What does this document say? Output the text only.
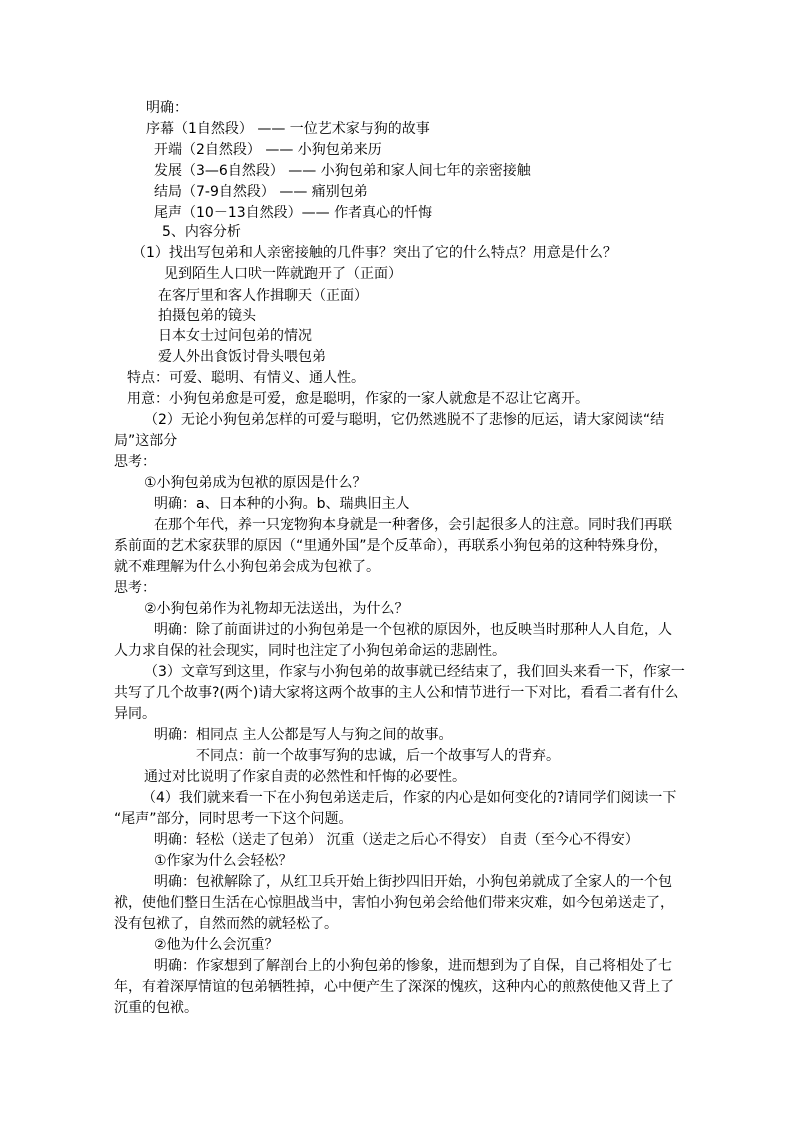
明确：
序幕（1自然段） —— 一位艺术家与狗的故事
开端（2自然段） —— 小狗包弟来历
发展（3—6自然段） —— 小狗包弟和家人间七年的亲密接触
结局（7-9自然段） —— 痛别包弟
尾声（10－13自然段）—— 作者真心的忏悔
5、内容分析
（1）找出写包弟和人亲密接触的几件事？突出了它的什么特点？用意是什么？
见到陌生人口吠一阵就跑开了（正面）
在客厅里和客人作揖聊天（正面）
拍摄包弟的镜头
日本女士过问包弟的情况
爱人外出食饭讨骨头喂包弟
特点：可爱、聪明、有情义、通人性。
用意：小狗包弟愈是可爱，愈是聪明，作家的一家人就愈是不忍让它离开。
（2）无论小狗包弟怎样的可爱与聪明，它仍然逃脱不了悲惨的厄运，请大家阅读“结
局”这部分
思考：
①小狗包弟成为包袱的原因是什么？
明确：a、日本种的小狗。b、瑞典旧主人
在那个年代，养一只宠物狗本身就是一种奢侈，会引起很多人的注意。同时我们再联
系前面的艺术家获罪的原因（“里通外国”是个反革命），再联系小狗包弟的这种特殊身份，
就不难理解为什么小狗包弟会成为包袱了。
思考：
②小狗包弟作为礼物却无法送出，为什么？
明确：除了前面讲过的小狗包弟是一个包袱的原因外，也反映当时那种人人自危，人
人力求自保的社会现实，同时也注定了小狗包弟命运的悲剧性。
（3）文章写到这里，作家与小狗包弟的故事就已经结束了，我们回头来看一下，作家一
共写了几个故事?(两个)请大家将这两个故事的主人公和情节进行一下对比，看看二者有什么
异同。
明确：相同点 主人公都是写人与狗之间的故事。
不同点：前一个故事写狗的忠诚，后一个故事写人的背弃。
通过对比说明了作家自责的必然性和忏悔的必要性。
（4）我们就来看一下在小狗包弟送走后，作家的内心是如何变化的?请同学们阅读一下
“尾声”部分，同时思考一下这个问题。
明确：轻松（送走了包弟） 沉重（送走之后心不得安） 自责（至今心不得安）
①作家为什么会轻松？
明确：包袱解除了，从红卫兵开始上街抄四旧开始，小狗包弟就成了全家人的一个包
袱，使他们整日生活在心惊胆战当中，害怕小狗包弟会给他们带来灾难，如今包弟送走了，
没有包袱了，自然而然的就轻松了。
②他为什么会沉重？
明确：作家想到了解剖台上的小狗包弟的惨象，进而想到为了自保，自己将相处了七
年，有着深厚情谊的包弟牺牲掉，心中便产生了深深的愧疚，这种内心的煎熬使他又背上了
沉重的包袱。
